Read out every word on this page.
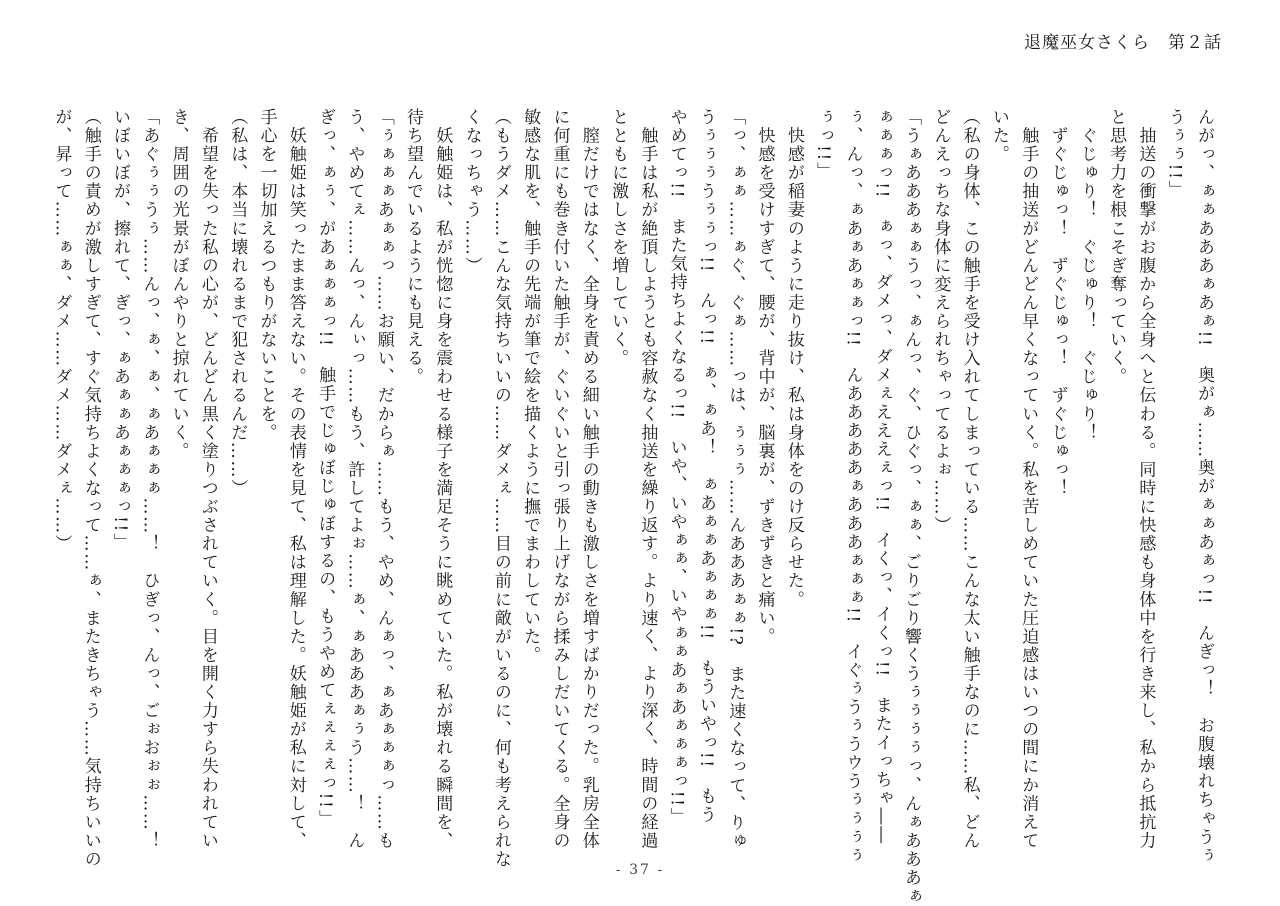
退魔巫女さくら　第２話
んがっ、ぁぁあああぁあぁ!!　奥がぁ……奥がぁぁあぁっ!!　んぎっ！　お腹壊れちゃうぅ
うぅぅ!!」
　抽送の衝撃がお腹から全身へと伝わる。同時に快感も身体中を行き来し、私から抵抗力
と思考力を根こそぎ奪っていく。
　ぐじゅり！　ぐじゅり！　ぐじゅり！
　ずぐじゅっ！　ずぐじゅっ！　ずぐじゅっ！
　触手の抽送がどんどん早くなっていく。私を苦しめていた圧迫感はいつの間にか消えて
いた。
（私の身体、この触手を受け入れてしまっている……こんな太い触手なのに……私、どん
どんえっちな身体に変えられちゃってるよぉ……）
「うぁあああぁぁうっ、ぁんっ、ぐ、ひぐっ、ぁぁ、ごりごり響くうぅぅぅぅっ、んぁあああぁ
ぁぁぁっ!!　ぁっ、ダメっ、ダメぇえええぇっ!!　イくっ、イくっ!!　またイっちゃ――
ぅ、んっ、ぁあぁあぁぁっ!!　んあああああぁあああぁぁぁ!!　イぐぅうぅうウうぅぅぅぅ
ぅっ!!」
　快感が稲妻のように走り抜け、私は身体をのけ反らせた。
　快感を受けすぎて、腰が、背中が、脳裏が、ずきずきと痛い。
「っ、ぁぁ……ぁぐ、ぐぁ……っは、ぅぅぅ……んあああぁぁ!?　また速くなって、りゅ
うぅぅぅうぅぅっ!!　んっ!!　ぁ、ぁあ！　ぁあぁぁあぁぁぁ!!　もういやっ!!　もう
やめてっ!!　また気持ちよくなるっ!!　いや、いやぁぁ、いやぁぁあぁあぁぁぁっ!!」
　触手は私が絶頂しようとも容赦なく抽送を繰り返す。より速く、より深く、時間の経過
とともに激しさを増していく。
　膣だけではなく、全身を責める細い触手の動きも激しさを増すばかりだった。乳房全体
に何重にも巻き付いた触手が、ぐいぐいと引っ張り上げながら揉みしだいてくる。全身の
敏感な肌を、触手の先端が筆で絵を描くように撫でまわしていた。
（もうダメ……こんな気持ちいいの……ダメぇ……目の前に敵がいるのに、何も考えられな
くなっちゃう……）
　妖触姫は、私が恍惚に身を震わせる様子を満足そうに眺めていた。私が壊れる瞬間を、
待ち望んでいるようにも見える。
「ぅぁぁぁあぁぁっ……お願い、だからぁ……もう、やめ、んぁっ、ぁあぁぁぁっ……も
う、やめてぇ……んっ、んぃっ……もう、許してよぉ……ぁ、ぁあああぁぅう……！　ん
ぎっ、ぁぅ、があぁぁぁっ!!　触手でじゅぼじゅぼするの、もうやめてぇぇぇぇっ!!」
　妖触姫は笑ったまま答えない。その表情を見て、私は理解した。妖触姫が私に対して、
手心を一切加えるつもりがないことを。
（私は、本当に壊れるまで犯されるんだ……）
　希望を失った私の心が、どんどん黒く塗りつぶされていく。目を開く力すら失われてい
き、周囲の光景がぼんやりと掠れていく。
「あぐぅぅうぅ……んっ、ぁ、ぁ、ぁあぁぁぁ……！　ひぎっ、んっ、ごぉおぉぉ……！
いぼいぼが、擦れて、ぎっ、ぁあぁぁあぁぁぁっ!!」
（触手の責めが激しすぎて、すぐ気持ちよくなって……ぁ、またきちゃう……気持ちいいの
が、昇って……ぁぁ、ダメ……ダメ……ダメぇ……）
- 37 -
